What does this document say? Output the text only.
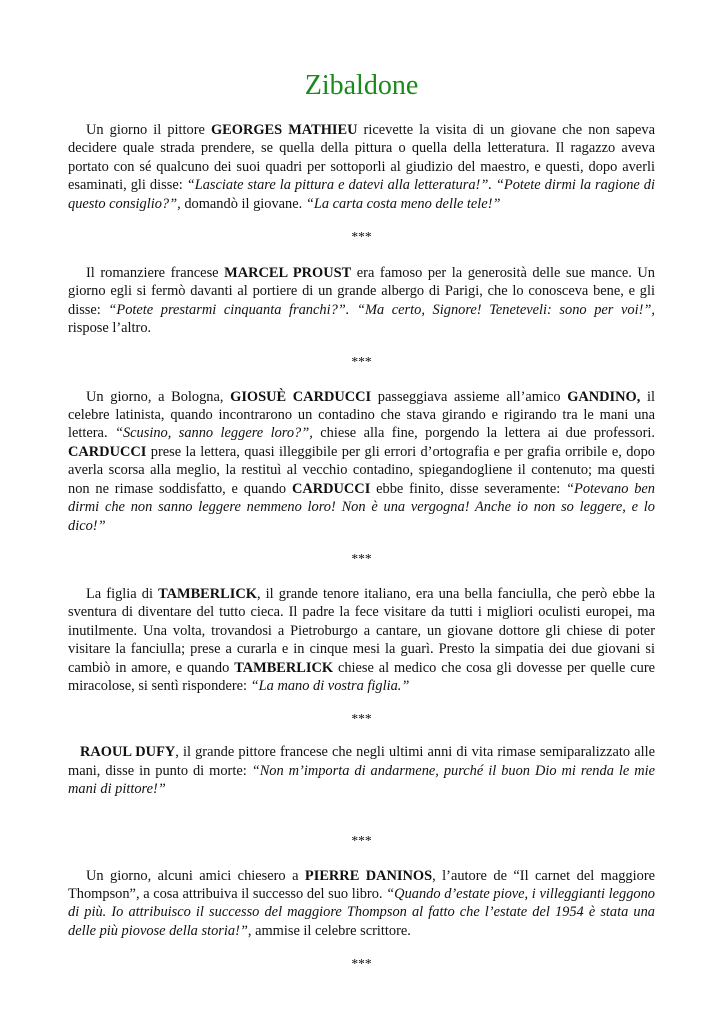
Zibaldone

Un giorno il pittore GEORGES MATHIEU ricevette la visita di un giovane che non sapeva decidere quale strada prendere, se quella della pittura o quella della letteratura. Il ragazzo aveva portato con sé qualcuno dei suoi quadri per sottoporli al giudizio del maestro, e questi, dopo averli esaminati, gli disse: “Lasciate stare la pittura e datevi alla letteratura!”. “Potete dirmi la ragione di questo consiglio?”, domandò il giovane. “La carta costa meno delle tele!”

***

Il romanziere francese MARCEL PROUST era famoso per la generosità delle sue mance. Un giorno egli si fermò davanti al portiere di un grande albergo di Parigi, che lo conosceva bene, e gli disse: “Potete prestarmi cinquanta franchi?”. “Ma certo, Signore! Teneteveli: sono per voi!”, rispose l’altro.

***

Un giorno, a Bologna, GIOSUÈ CARDUCCI passeggiava assieme all’amico GANDINO, il celebre latinista, quando incontrarono un contadino che stava girando e rigirando tra le mani una lettera. “Scusino, sanno leggere loro?”, chiese alla fine, porgendo la lettera ai due professori. CARDUCCI prese la lettera, quasi illeggibile per gli errori d’ortografia e per grafia orribile e, dopo averla scorsa alla meglio, la restituì al vecchio contadino, spiegandogliene il contenuto; ma questi non ne rimase soddisfatto, e quando CARDUCCI ebbe finito, disse severamente: “Potevano ben dirmi che non sanno leggere nemmeno loro! Non è una vergogna! Anche io non so leggere, e lo dico!”

***

La figlia di TAMBERLICK, il grande tenore italiano, era una bella fanciulla, che però ebbe la sventura di diventare del tutto cieca. Il padre la fece visitare da tutti i migliori oculisti europei, ma inutilmente. Una volta, trovandosi a Pietroburgo a cantare, un giovane dottore gli chiese di poter visitare la fanciulla; prese a curarla e in cinque mesi la guarì. Presto la simpatia dei due giovani si cambiò in amore, e quando TAMBERLICK chiese al medico che cosa gli dovesse per quelle cure miracolose, si sentì rispondere: “La mano di vostra figlia.”

***

RAOUL DUFY, il grande pittore francese che negli ultimi anni di vita rimase semiparalizzato alle mani, disse in punto di morte: “Non m’importa di andarmene, purché il buon Dio mi renda le mie mani di pittore!”

***

Un giorno, alcuni amici chiesero a PIERRE DANINOS, l’autore de “Il carnet del maggiore Thompson”, a cosa attribuiva il successo del suo libro. “Quando d’estate piove, i villeggianti leggono di più. Io attribuisco il successo del maggiore Thompson al fatto che l’estate del 1954 è stata una delle più piovose della storia!”, ammise il celebre scrittore.

***
